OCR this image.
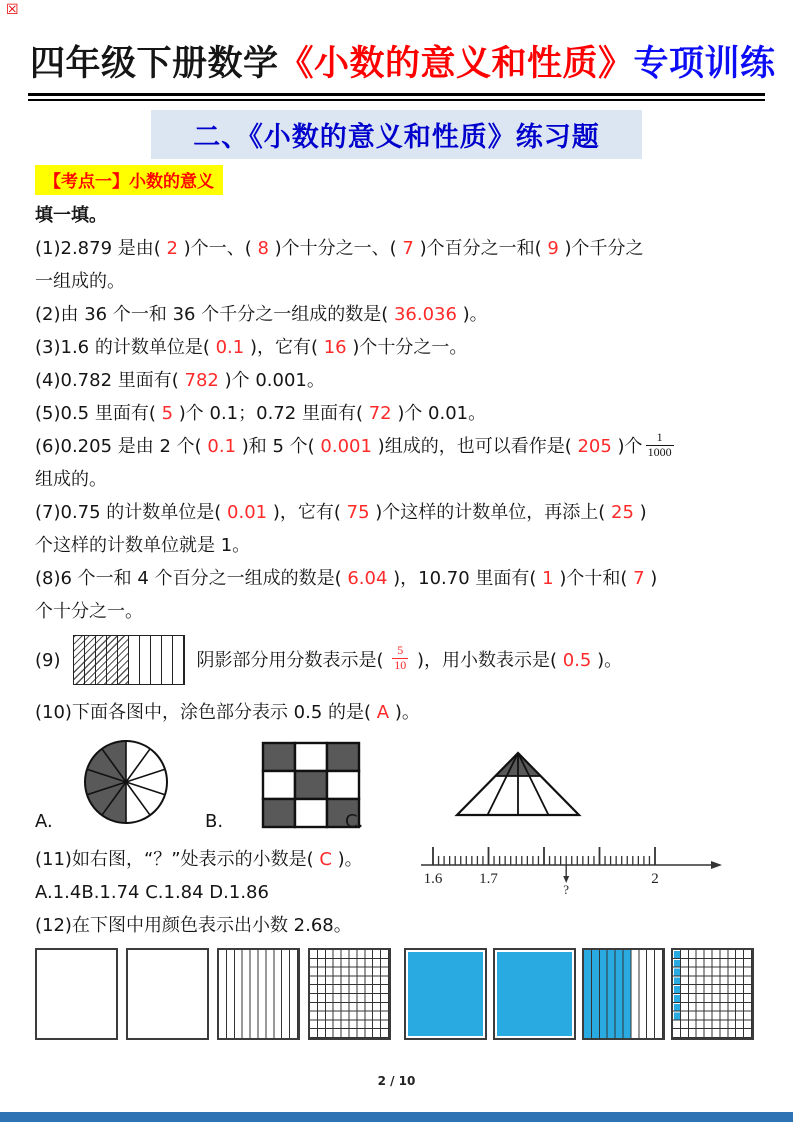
☒
四年级下册数学《小数的意义和性质》专项训练
二、《小数的意义和性质》练习题
【考点一】小数的意义

填一填。

(1)2.879 是由( 2 )个一、( 8 )个十分之一、( 7 )个百分之一和( 9 )个千分之

一组成的。

(2)由 36 个一和 36 个千分之一组成的数是( 36.036 )。

(3)1.6 的计数单位是( 0.1 )，它有( 16 )个十分之一。

(4)0.782 里面有( 782 )个 0.001。

(5)0.5 里面有( 5 )个 0.1；0.72 里面有( 72 )个 0.01。

(6)0.205 是由 2 个( 0.1 )和 5 个( 0.001 )组成的，也可以看作是( 205 )个 $\frac{1}{1000}$

组成的。

(7)0.75 的计数单位是( 0.01 )，它有( 75 )个这样的计数单位，再添上( 25 )

个这样的计数单位就是 1。

(8)6 个一和 4 个百分之一组成的数是( 6.04 )，10.70 里面有( 1 )个十和( 7 )

个十分之一。

(9)	阴影部分用分数表示是( $\frac{5}{10}$ )，用小数表示是( 0.5 )。

(10)下面各图中，涂色部分表示 0.5 的是( A )。

A.	B.	C.

(11)如右图，“？”处表示的小数是( C )。

A.1.4B.1.74 C.1.84 D.1.86

1.6 1.7	2
?

(12)在下图中用颜色表示出小数 2.68。

2 / 10
